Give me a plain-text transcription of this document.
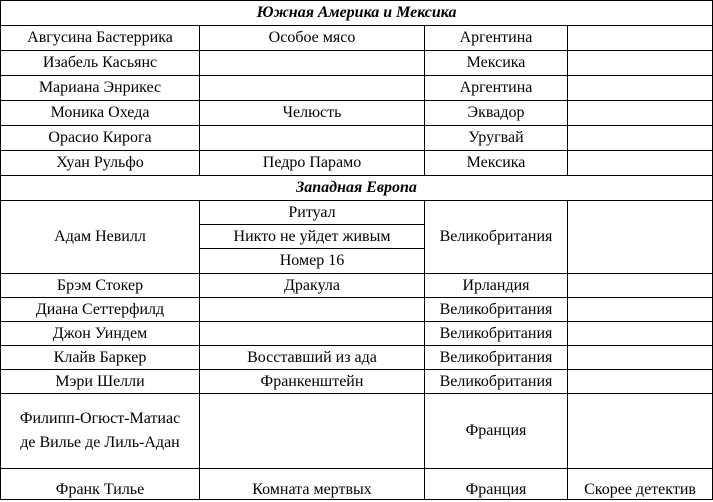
Южная Америка и Мексика			
Авгусина Бастеррика	Особое мясо	Аргентина	
Изабель Касьянс		Мексика	
Мариана Энрикес		Аргентина	
Моника Охеда	Челюсть	Эквадор	
Орасио Кирога		Уругвай	
Хуан Рульфо	Педро Парамо	Мексика	
Западная Европа			
Адам Невилл	Ритуал	Великобритания	
	Никто не уйдет живым		
	Номер 16		
Брэм Стокер	Дракула	Ирландия	
Диана Сеттерфилд		Великобритания	
Джон Уиндем		Великобритания	
Клайв Баркер	Восставший из ада	Великобритания	
Мэри Шелли	Франкенштейн	Великобритания	

Филипп-Огюст-Матиас
де Вилье де Лиль-Адан		Франция	
Франк Тилье	Комната мертвых	Франция	Скорее детектив
